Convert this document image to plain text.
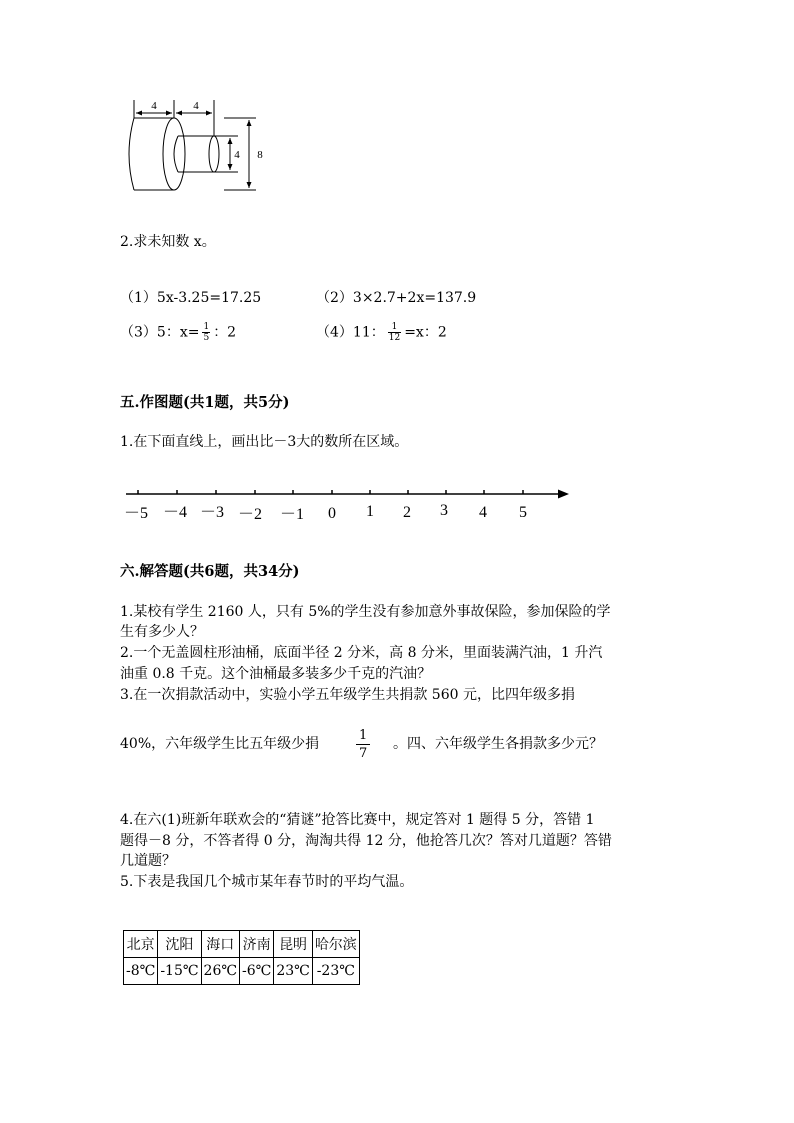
4	4
4 8
2.求未知数 x。
（1）5x-3.25=17.25	（2）3×2.7+2x=137.9
（3）5：$x= \frac{1}{5}$ ：2	（4）11： $\frac{1}{12} =x$：2
五.作图题(共1题，共5分)
1.在下面直线上，画出比－3大的数所在区域。
－5 －4 －3 －2 －1 0 1 2 3 4 5
六.解答题(共6题，共34分)
1.某校有学生 2160 人，只有 5%的学生没有参加意外事故保险，参加保险的学
生有多少人？
2.一个无盖圆柱形油桶，底面半径 2 分米，高 8 分米，里面装满汽油，1 升汽
油重 0.8 千克。这个油桶最多装多少千克的汽油？
3.在一次捐款活动中，实验小学五年级学生共捐款 560 元，比四年级多捐
40%，六年级学生比五年级少捐	$\frac{1}{7}$ 。四、六年级学生各捐款多少元？
4.在六(1)班新年联欢会的“猜谜”抢答比赛中，规定答对 1 题得 5 分，答错 1
题得－8 分，不答者得 0 分，淘淘共得 12 分，他抢答几次？答对几道题？答错
几道题？
5.下表是我国几个城市某年春节时的平均气温。
北京	沈阳	海口	济南	昆明	哈尔滨
-8℃	-15℃	26℃	-6℃	23℃	-23℃
